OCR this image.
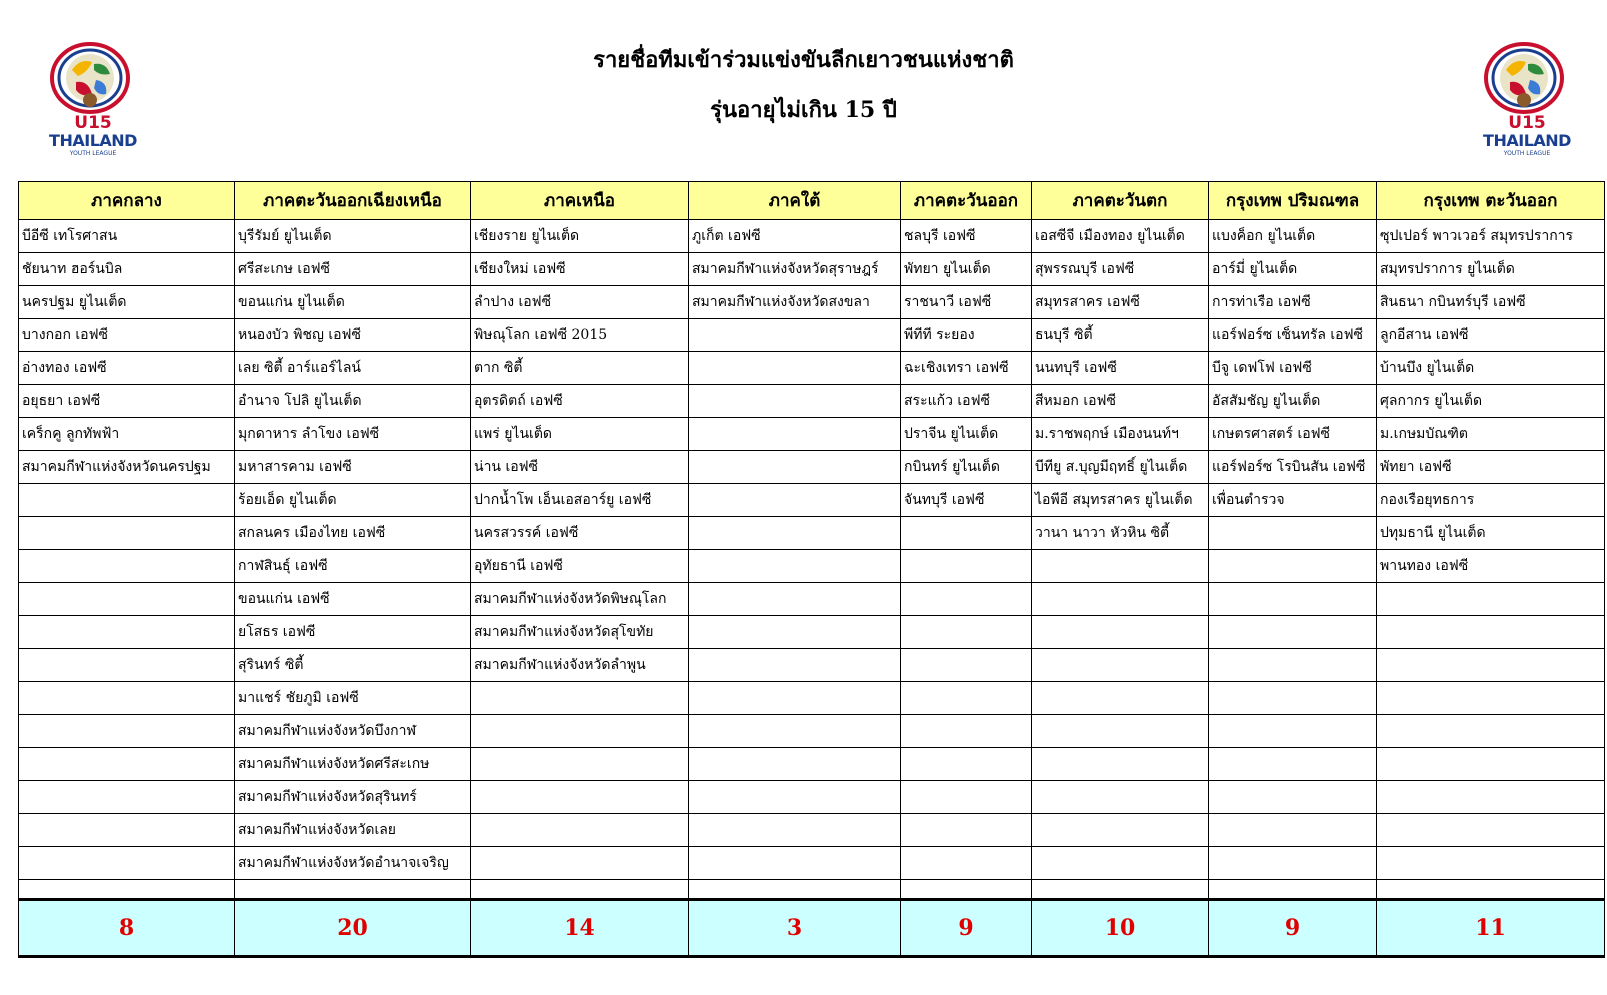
รายชื่อทีมเข้าร่วมแข่งขันลีกเยาวชนแห่งชาติ
รุ่นอายุไม่เกิน 15 ปี
U15
THAILAND
YOUTH LEAGUE
U15
THAILAND
YOUTH LEAGUE
ภาคกลาง	ภาคตะวันออกเฉียงเหนือ	ภาคเหนือ	ภาคใต้	ภาคตะวันออก	ภาคตะวันตก	กรุงเทพ ปริมณฑล	กรุงเทพ ตะวันออก
บีอีซี เทโรศาสน	บุรีรัมย์ ยูไนเต็ด	เชียงราย ยูไนเต็ด	ภูเก็ต เอฟซี	ชลบุรี เอฟซี	เอสซีจี เมืองทอง ยูไนเต็ด	แบงค็อก ยูไนเต็ด	ซุปเปอร์ พาวเวอร์ สมุทรปราการ
ชัยนาท ฮอร์นบิล	ศรีสะเกษ เอฟซี	เชียงใหม่ เอฟซี	สมาคมกีฬาแห่งจังหวัดสุราษฎร์	พัทยา ยูไนเต็ด	สุพรรณบุรี เอฟซี	อาร์มี่ ยูไนเต็ด	สมุทรปราการ ยูไนเต็ด
นครปฐม ยูไนเต็ด	ขอนแก่น ยูไนเต็ด	ลำปาง เอฟซี	สมาคมกีฬาแห่งจังหวัดสงขลา	ราชนาวี เอฟซี	สมุทรสาคร เอฟซี	การท่าเรือ เอฟซี	สินธนา กบินทร์บุรี เอฟซี
บางกอก เอฟซี	หนองบัว พิชญ เอฟซี	พิษณุโลก เอฟซี 2015		พีทีที ระยอง	ธนบุรี ซิตี้	แอร์ฟอร์ซ เซ็นทรัล เอฟซี	ลูกอีสาน เอฟซี
อ่างทอง เอฟซี	เลย ซิตี้ อาร์แอร์ไลน์	ตาก ซิตี้		ฉะเชิงเทรา เอฟซี	นนทบุรี เอฟซี	บีจู เดฟโฟ เอฟซี	บ้านบึง ยูไนเต็ด
อยุธยา เอฟซี	อำนาจ โปลิ ยูไนเต็ด	อุตรดิตถ์ เอฟซี		สระแก้ว เอฟซี	สีหมอก เอฟซี	อัสสัมชัญ ยูไนเต็ด	ศุลกากร ยูไนเต็ด
เคร็กคู ลูกทัพฟ้า	มุกดาหาร ลำโขง เอฟซี	แพร่ ยูไนเต็ด		ปราจีน ยูไนเต็ด	ม.ราชพฤกษ์ เมืองนนท์ฯ	เกษตรศาสตร์ เอฟซี	ม.เกษมบัณฑิต
สมาคมกีฬาแห่งจังหวัดนครปฐม	มหาสารคาม เอฟซี	น่าน เอฟซี		กบินทร์ ยูไนเต็ด	บีทียู ส.บุญมีฤทธิ์ ยูไนเต็ด	แอร์ฟอร์ซ โรบินสัน เอฟซี	พัทยา เอฟซี
	ร้อยเอ็ด ยูไนเต็ด	ปากน้ำโพ เอ็นเอสอาร์ยู เอฟซี		จันทบุรี เอฟซี	ไอพีอี สมุทรสาคร ยูไนเต็ด	เพื่อนตำรวจ	กองเรือยุทธการ
	สกลนคร เมืองไทย เอฟซี	นครสวรรค์ เอฟซี			วานา นาวา หัวหิน ซิตี้		ปทุมธานี ยูไนเต็ด
	กาฬสินธุ์ เอฟซี	อุทัยธานี เอฟซี					พานทอง เอฟซี
	ขอนแก่น เอฟซี	สมาคมกีฬาแห่งจังหวัดพิษณุโลก					
	ยโสธร เอฟซี	สมาคมกีฬาแห่งจังหวัดสุโขทัย					
	สุรินทร์ ซิตี้	สมาคมกีฬาแห่งจังหวัดลำพูน					
	มาแชร์ ชัยภูมิ เอฟซี						
	สมาคมกีฬาแห่งจังหวัดบึงกาฬ						
	สมาคมกีฬาแห่งจังหวัดศรีสะเกษ						
	สมาคมกีฬาแห่งจังหวัดสุรินทร์						
	สมาคมกีฬาแห่งจังหวัดเลย						
	สมาคมกีฬาแห่งจังหวัดอำนาจเจริญ						

8	20	14	3	9	10	9	11
